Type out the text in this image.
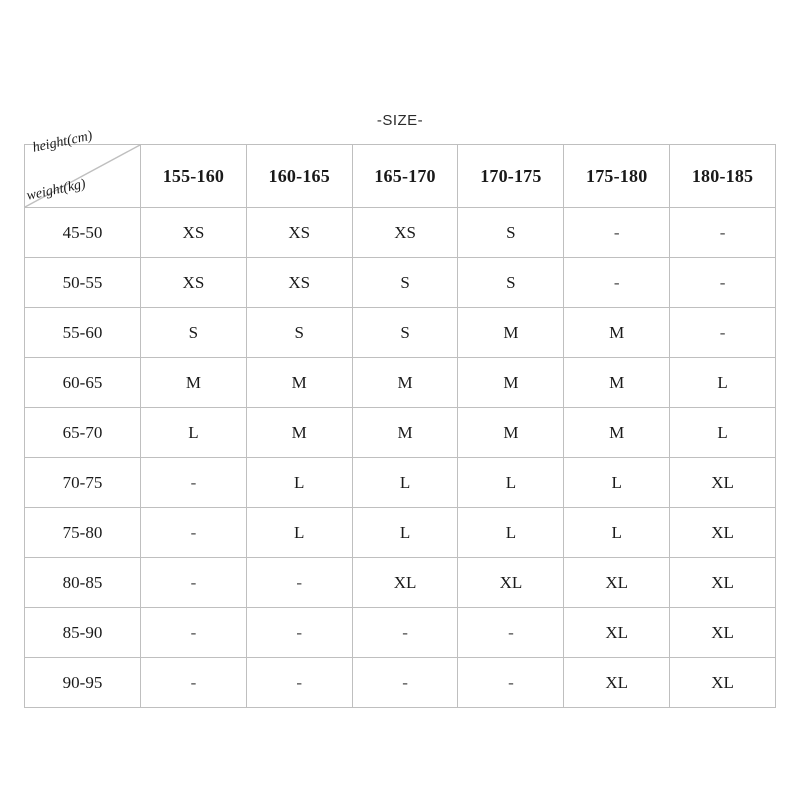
-SIZE-
height(cm)
weight(kg)	155-160	160-165	165-170	170-175	175-180	180-185
45-50	XS	XS	XS	S	-	-
50-55	XS	XS	S	S	-	-
55-60	S	S	S	M	M	-
60-65	M	M	M	M	M	L
65-70	L	M	M	M	M	L
70-75	-	L	L	L	L	XL
75-80	-	L	L	L	L	XL
80-85	-	-	XL	XL	XL	XL
85-90	-	-	-	-	XL	XL
90-95	-	-	-	-	XL	XL
